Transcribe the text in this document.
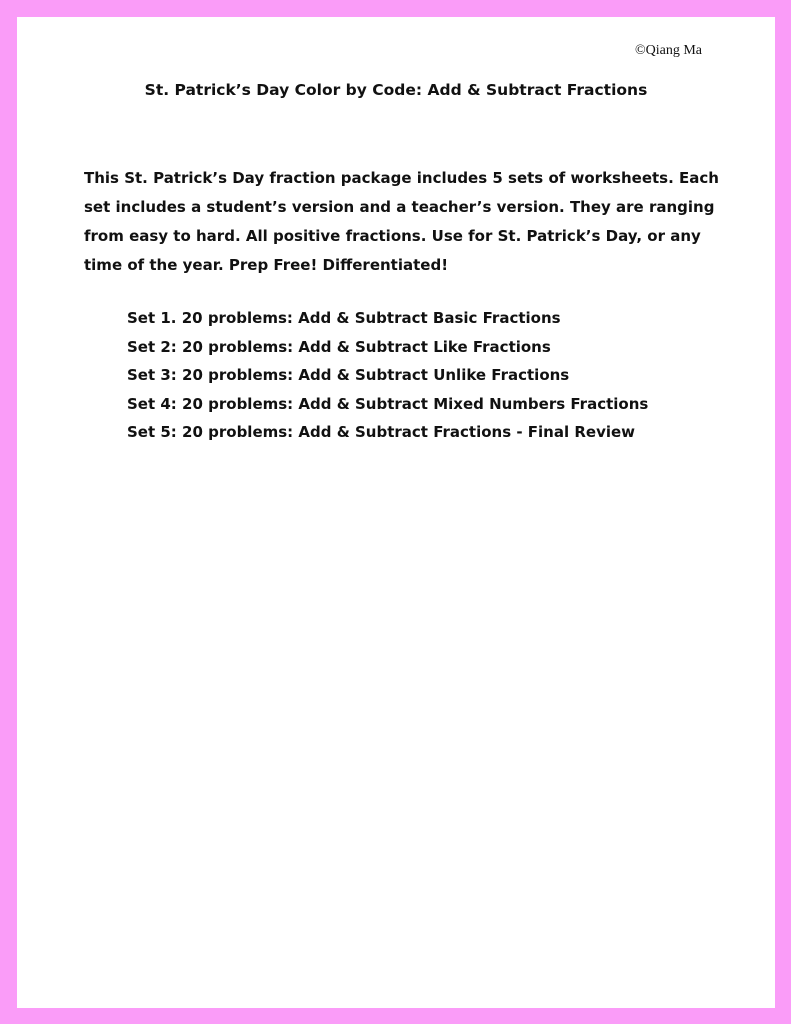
©Qiang Ma

St. Patrick’s Day Color by Code: Add & Subtract Fractions

This St. Patrick’s Day fraction package includes 5 sets of worksheets. Each
set includes a student’s version and a teacher’s version. They are ranging
from easy to hard. All positive fractions. Use for St. Patrick’s Day, or any
time of the year. Prep Free! Differentiated!

Set 1. 20 problems: Add & Subtract Basic Fractions
Set 2: 20 problems: Add & Subtract Like Fractions
Set 3: 20 problems: Add & Subtract Unlike Fractions
Set 4: 20 problems: Add & Subtract Mixed Numbers Fractions
Set 5: 20 problems: Add & Subtract Fractions - Final Review
